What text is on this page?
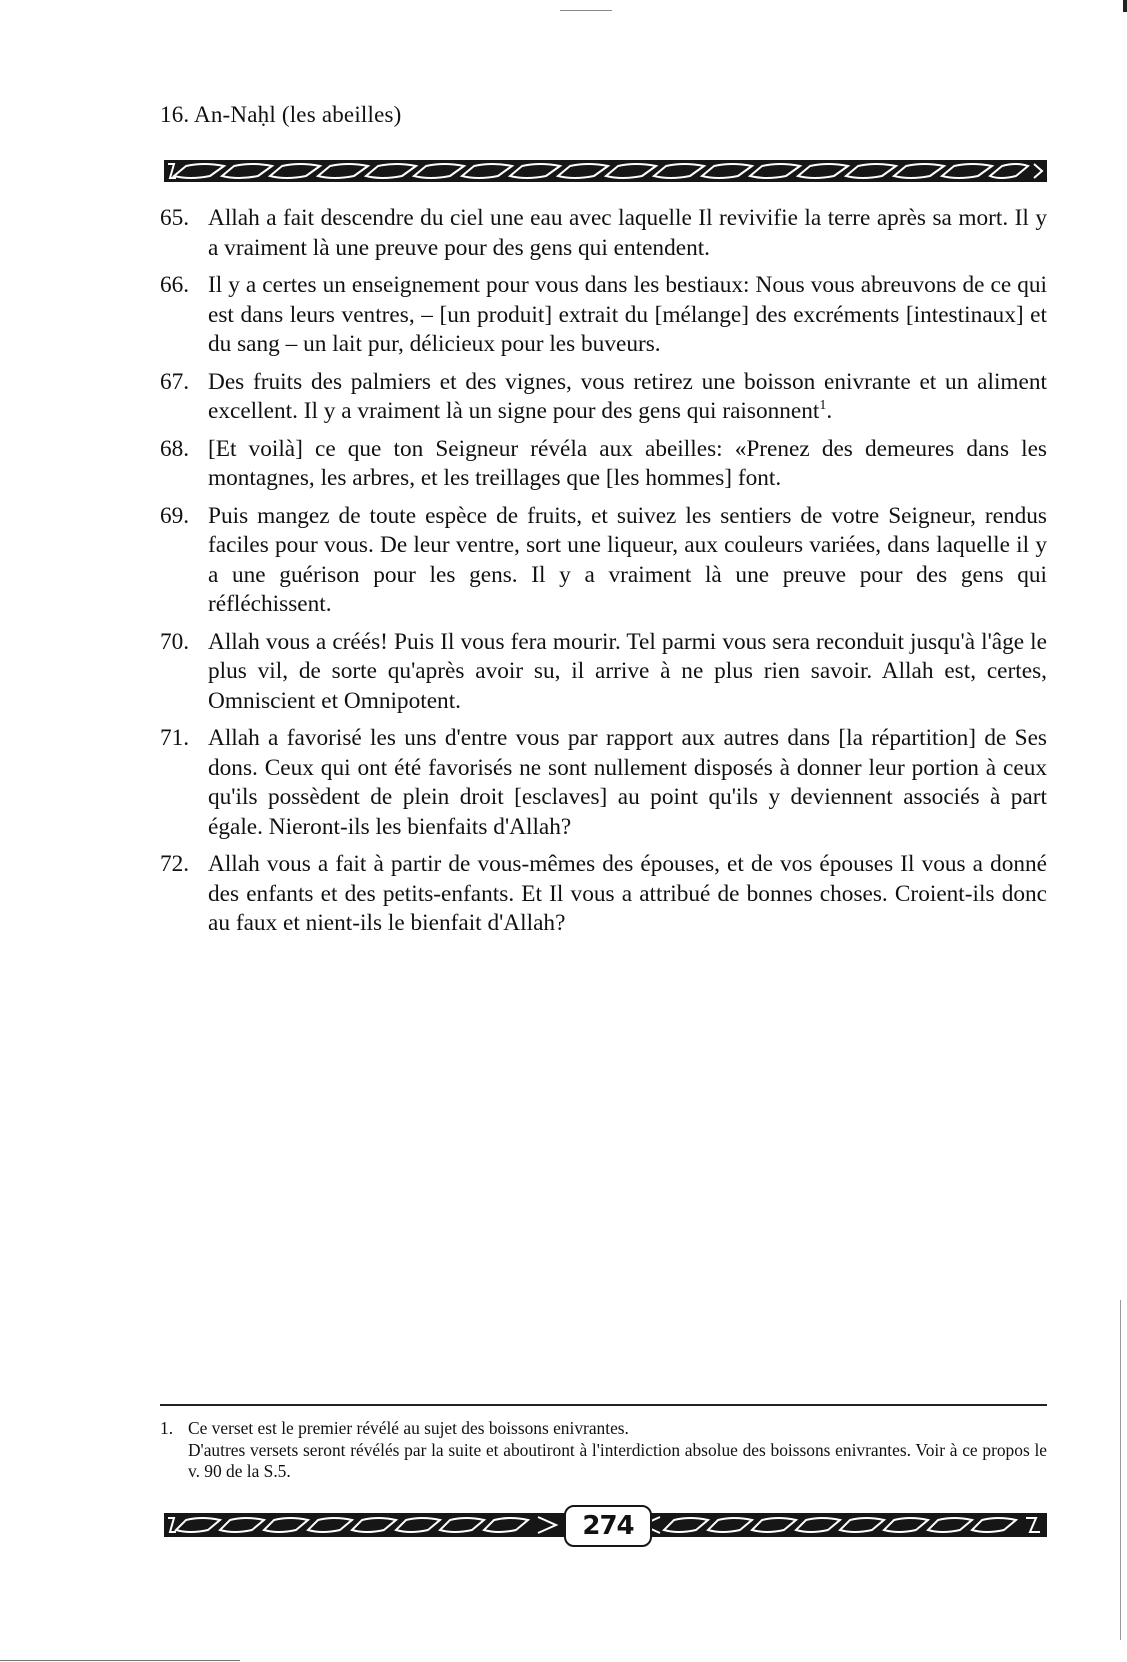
16. An-Naḥl (les abeilles)
65. Allah a fait descendre du ciel une eau avec laquelle Il revivifie la terre après sa mort. Il y a vraiment là une preuve pour des gens qui entendent.
66. Il y a certes un enseignement pour vous dans les bestiaux: Nous vous abreuvons de ce qui est dans leurs ventres, – [un produit] extrait du [mélange] des excréments [intestinaux] et du sang – un lait pur, délicieux pour les buveurs.
67. Des fruits des palmiers et des vignes, vous retirez une boisson enivrante et un aliment excellent. Il y a vraiment là un signe pour des gens qui raisonnent$^1$.
68. [Et voilà] ce que ton Seigneur révéla aux abeilles: «Prenez des demeures dans les montagnes, les arbres, et les treillages que [les hommes] font.
69. Puis mangez de toute espèce de fruits, et suivez les sentiers de votre Seigneur, rendus faciles pour vous. De leur ventre, sort une liqueur, aux couleurs variées, dans laquelle il y a une guérison pour les gens. Il y a vraiment là une preuve pour des gens qui réfléchissent.
70. Allah vous a créés! Puis Il vous fera mourir. Tel parmi vous sera reconduit jusqu'à l'âge le plus vil, de sorte qu'après avoir su, il arrive à ne plus rien savoir. Allah est, certes, Omniscient et Omnipotent.
71. Allah a favorisé les uns d'entre vous par rapport aux autres dans [la répartition] de Ses dons. Ceux qui ont été favorisés ne sont nullement disposés à donner leur portion à ceux qu'ils possèdent de plein droit [esclaves] au point qu'ils y deviennent associés à part égale. Nieront-ils les bienfaits d'Allah?
72. Allah vous a fait à partir de vous-mêmes des épouses, et de vos épouses Il vous a donné des enfants et des petits-enfants. Et Il vous a attribué de bonnes choses. Croient-ils donc au faux et nient-ils le bienfait d'Allah?
1. Ce verset est le premier révélé au sujet des boissons enivrantes.
D'autres versets seront révélés par la suite et aboutiront à l'interdiction absolue des boissons enivrantes. Voir à ce propos le v. 90 de la S.5.
274
